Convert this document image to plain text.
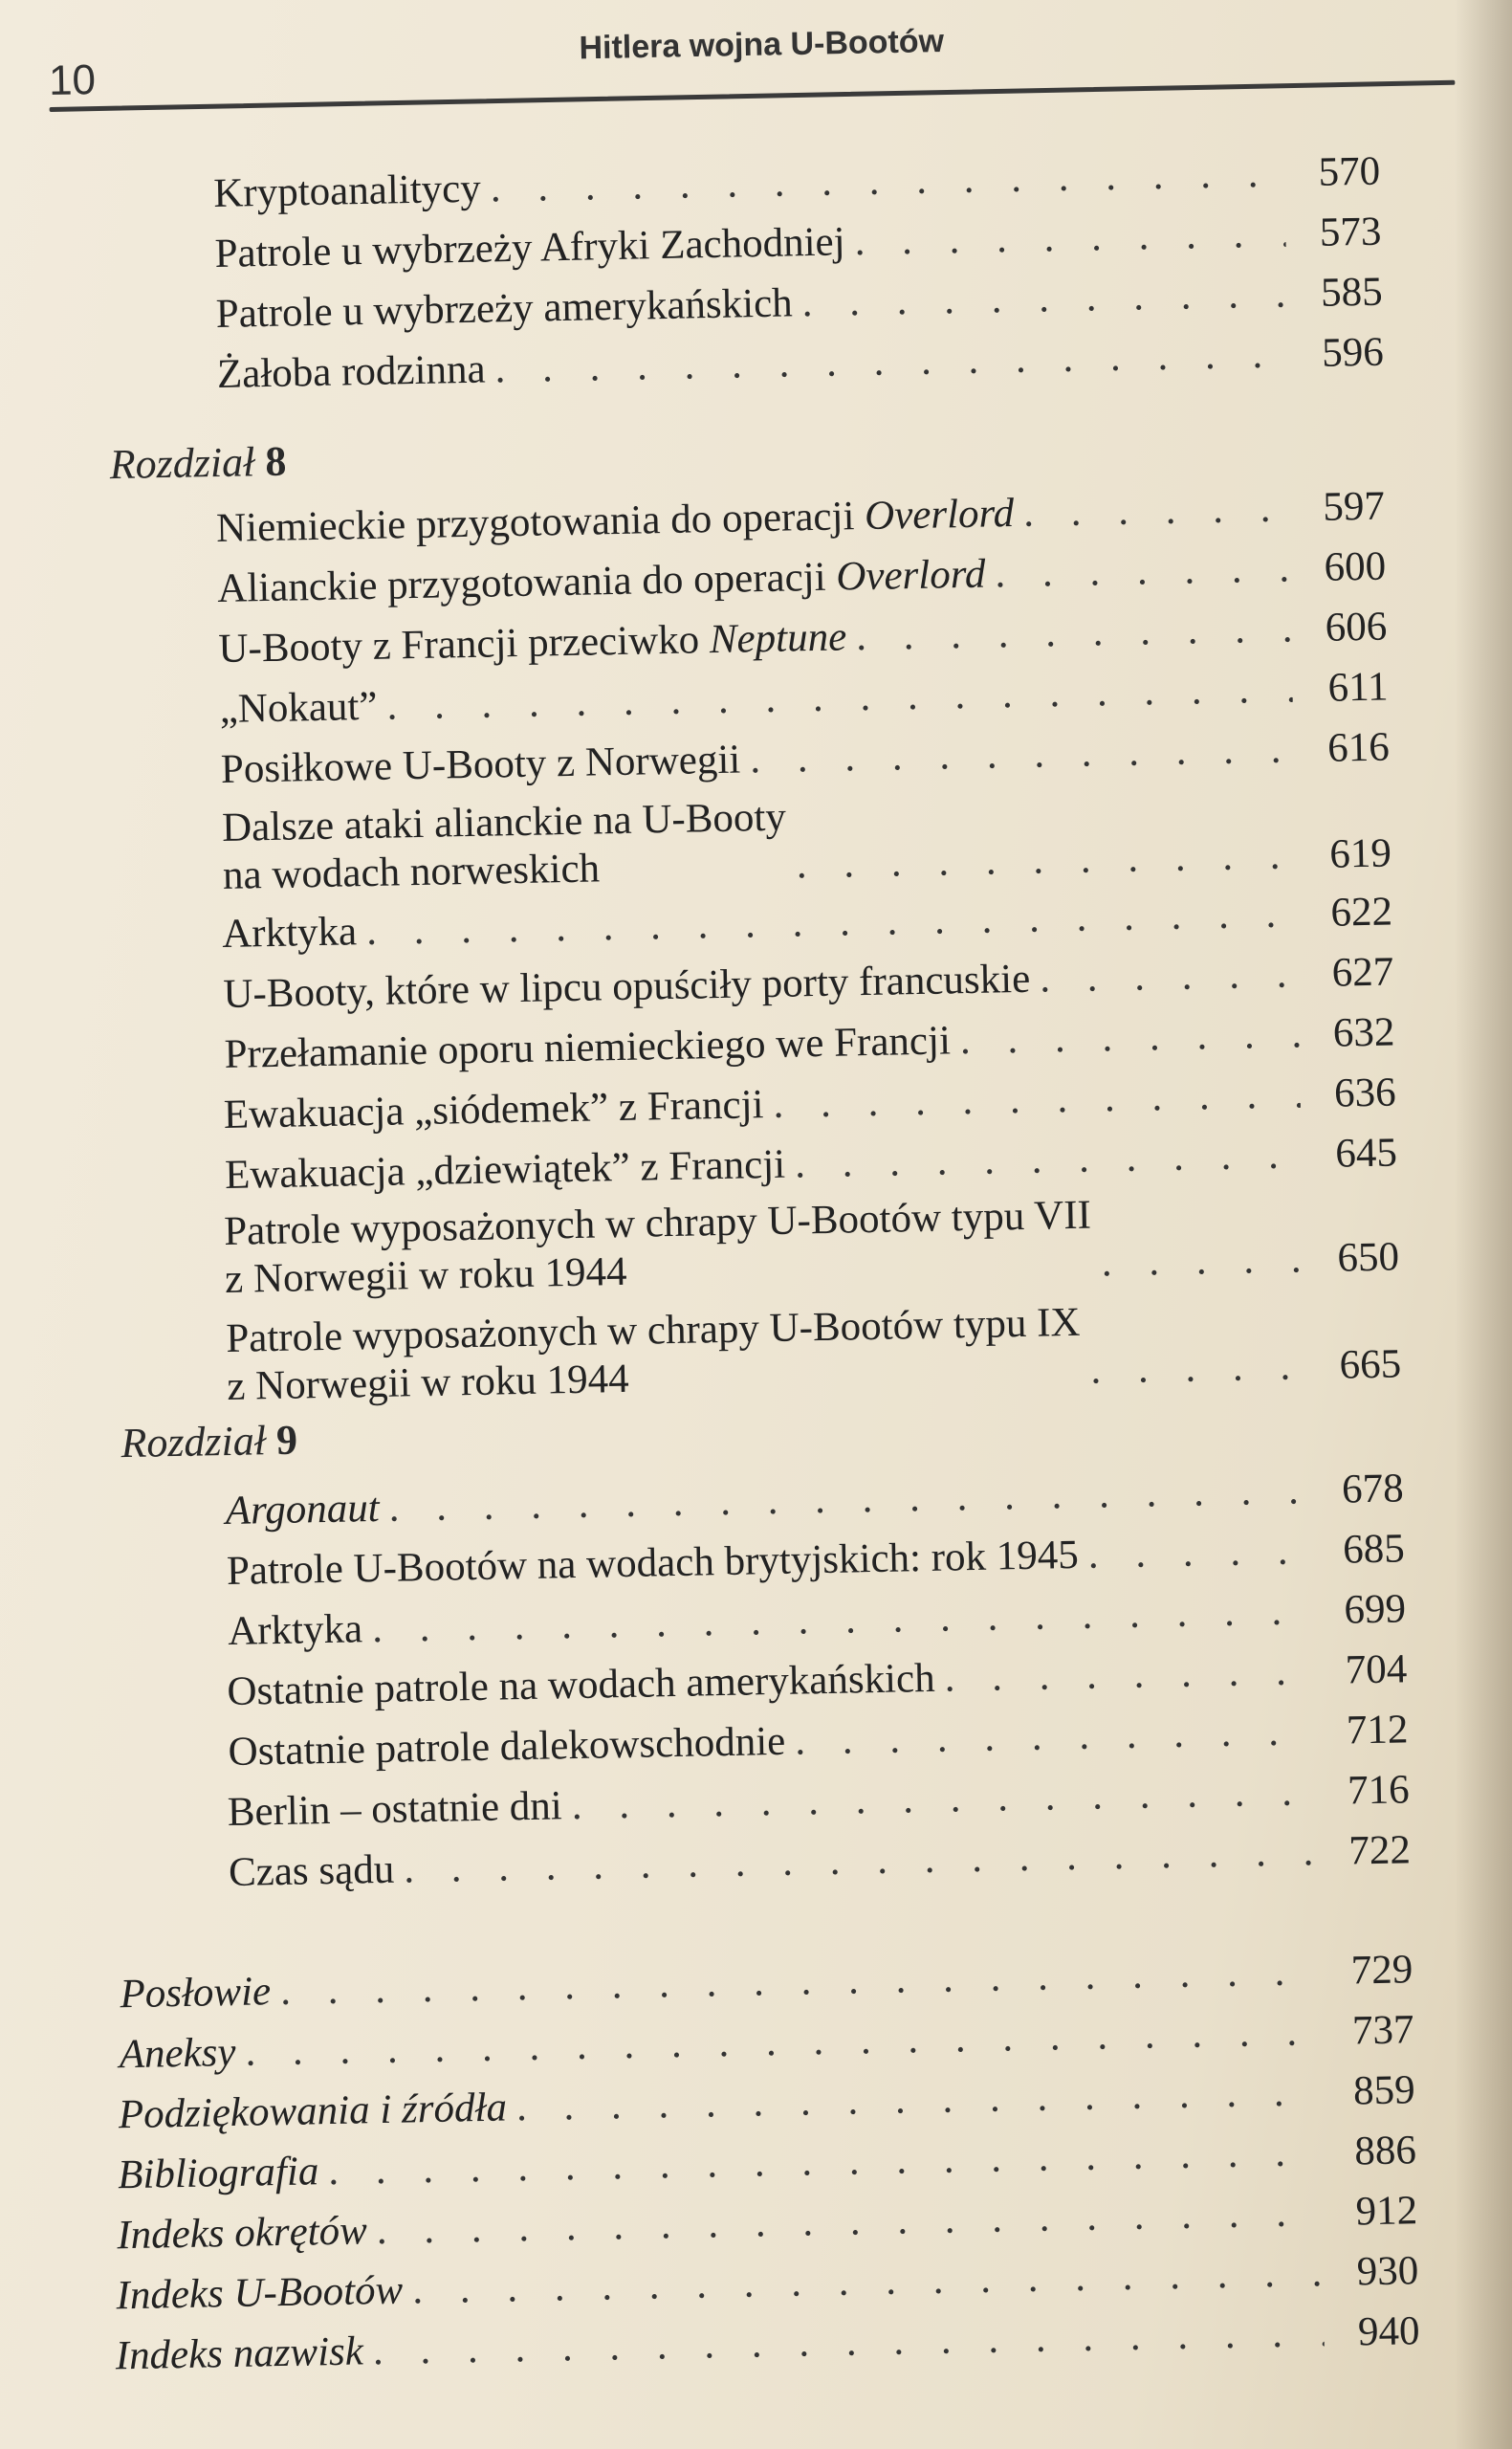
10
Hitlera wojna U-Bootów
Kryptoanalitycy . . .	570
Patrole u wybrzeży Afryki Zachodniej . . .	573
Patrole u wybrzeży amerykańskich . . .	585
Żałoba rodzinna . . .	596
Rozdział 8
Niemieckie przygotowania do operacji Overlord . . .	597
Alianckie przygotowania do operacji Overlord . . .	600
U-Booty z Francji przeciwko Neptune . . .	606
„Nokaut” . . .	611
Posiłkowe U-Booty z Norwegii . . .	616
Dalsze ataki alianckie na U-Booty
na wodach norweskich . . .	619
Arktyka . . .	622
U-Booty, które w lipcu opuściły porty francuskie . . .	627
Przełamanie oporu niemieckiego we Francji . . .	632
Ewakuacja „siódemek” z Francji . . .	636
Ewakuacja „dziewiątek” z Francji . . .	645
Patrole wyposażonych w chrapy U-Bootów typu VII
z Norwegii w roku 1944 . . .	650
Patrole wyposażonych w chrapy U-Bootów typu IX
z Norwegii w roku 1944 . . .	665
Rozdział 9
Argonaut . . .	678
Patrole U-Bootów na wodach brytyjskich: rok 1945 . . .	685
Arktyka . . .	699
Ostatnie patrole na wodach amerykańskich . . .	704
Ostatnie patrole dalekowschodnie . . .	712
Berlin – ostatnie dni . . .	716
Czas sądu . . .	722
Posłowie . . .	729
Aneksy . . .	737
Podziękowania i źródła . . .	859
Bibliografia . . .	886
Indeks okrętów . . .	912
Indeks U-Bootów . . .	930
Indeks nazwisk . . .	940
